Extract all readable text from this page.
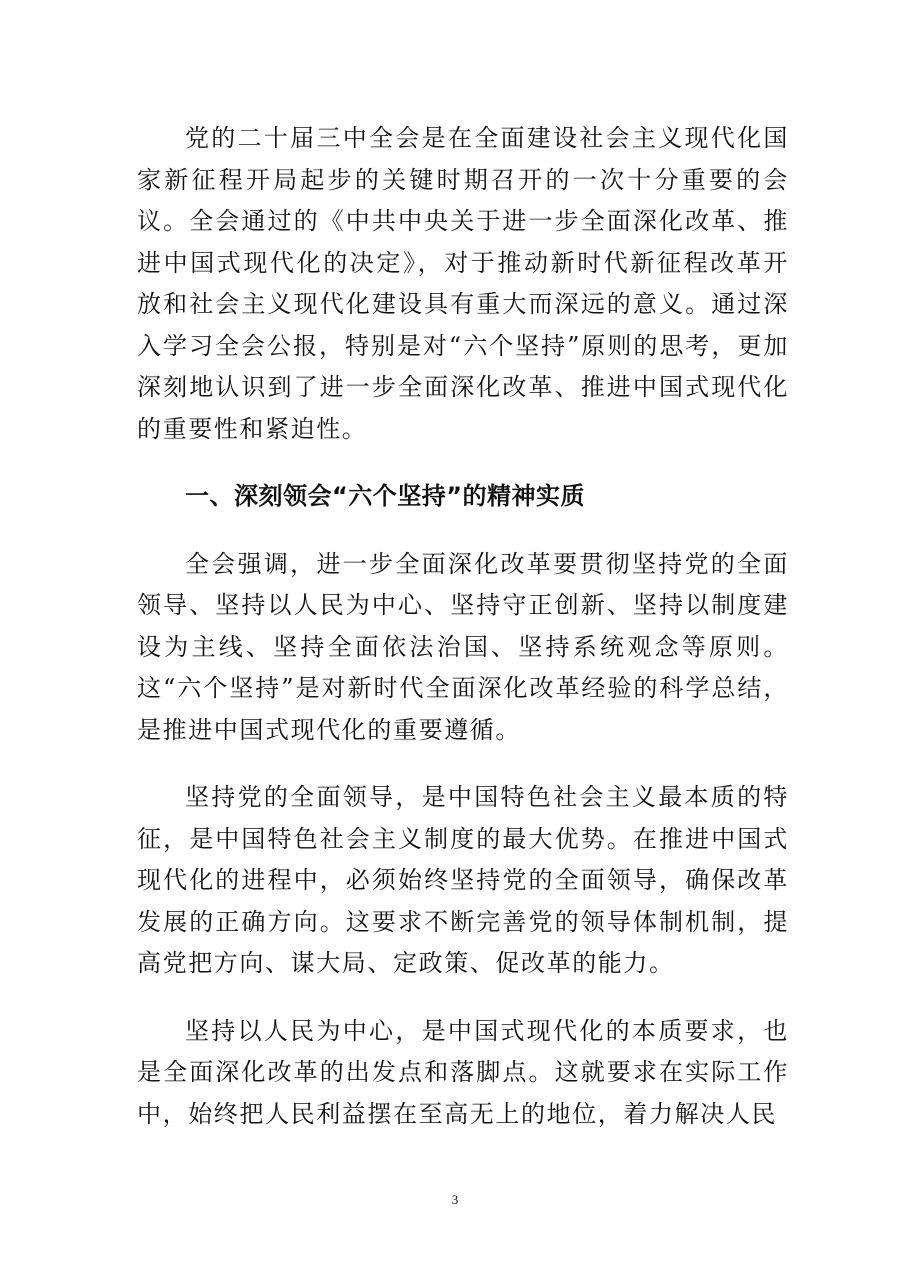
党的二十届三中全会是在全面建设社会主义现代化国家新征程开局起步的关键时期召开的一次十分重要的会议。全会通过的《中共中央关于进一步全面深化改革、推进中国式现代化的决定》，对于推动新时代新征程改革开放和社会主义现代化建设具有重大而深远的意义。通过深入学习全会公报，特别是对“六个坚持”原则的思考，更加深刻地认识到了进一步全面深化改革、推进中国式现代化的重要性和紧迫性。

一、深刻领会“六个坚持”的精神实质

全会强调，进一步全面深化改革要贯彻坚持党的全面领导、坚持以人民为中心、坚持守正创新、坚持以制度建设为主线、坚持全面依法治国、坚持系统观念等原则。这“六个坚持”是对新时代全面深化改革经验的科学总结，是推进中国式现代化的重要遵循。

坚持党的全面领导，是中国特色社会主义最本质的特征，是中国特色社会主义制度的最大优势。在推进中国式现代化的进程中，必须始终坚持党的全面领导，确保改革发展的正确方向。这要求不断完善党的领导体制机制，提高党把方向、谋大局、定政策、促改革的能力。

坚持以人民为中心，是中国式现代化的本质要求，也是全面深化改革的出发点和落脚点。这就要求在实际工作中，始终把人民利益摆在至高无上的地位，着力解决人民

3
